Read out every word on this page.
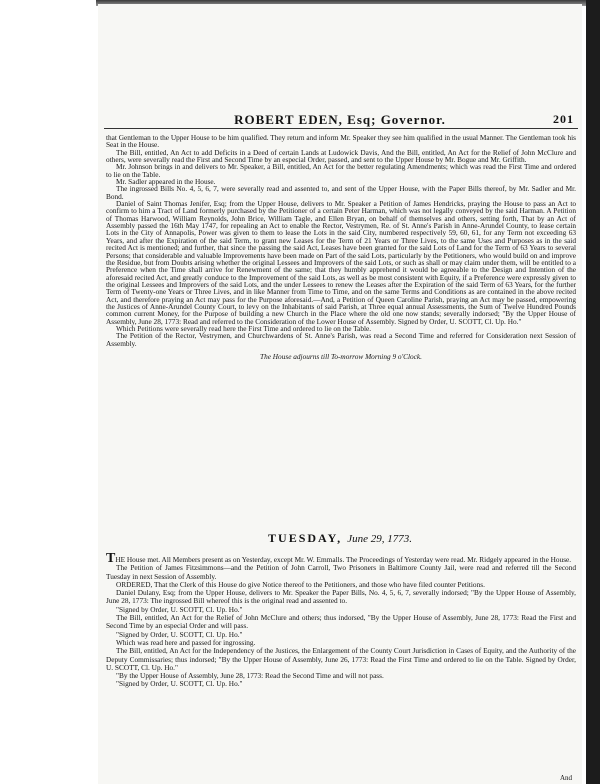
ROBERT EDEN, Esq; Governor.	201

that Gentleman to the Upper House to be him qualified. They return and inform Mr. Speaker they see him qualified in the usual Manner. The Gentleman took his Seat in the House.

The Bill, entitled, An Act to add Deficits in a Deed of certain Lands at Ludowick Davis, And the Bill, entitled, An Act for the Relief of John McClure and others, were severally read the First and Second Time by an especial Order, passed, and sent to the Upper House by Mr. Bogue and Mr. Griffith.

Mr. Johnson brings in and delivers to Mr. Speaker, a Bill, entitled, An Act for the better regulating Amendments; which was read the First Time and ordered to lie on the Table.

Mr. Sadler appeared in the House.

The ingrossed Bills No. 4, 5, 6, 7, were severally read and assented to, and sent of the Upper House, with the Paper Bills thereof, by Mr. Sadler and Mr. Bond.

Daniel of Saint Thomas Jenifer, Esq; from the Upper House, delivers to Mr. Speaker a Petition of James Hendricks, praying the House to pass an Act to confirm to him a Tract of Land formerly purchased by the Petitioner of a certain Peter Harman, which was not legally conveyed by the said Harman. A Petition of Thomas Harwood, William Reynolds, John Brice, William Tagle, and Ellen Bryan, on behalf of themselves and others, setting forth, That by an Act of Assembly passed the 16th May 1747, for repealing an Act to enable the Rector, Vestrymen, Re. of St. Anne's Parish in Anne-Arundel County, to lease certain Lots in the City of Annapolis, Power was given to them to lease the Lots in the said City, numbered respectively 59, 60, 61, for any Term not exceeding 63 Years, and after the Expiration of the said Term, to grant new Leases for the Term of 21 Years or Three Lives, to the same Uses and Purposes as in the said recited Act is mentioned; and further, that since the passing the said Act, Leases have been granted for the said Lots of Land for the Term of 63 Years to several Persons; that considerable and valuable Improvements have been made on Part of the said Lots, particularly by the Petitioners, who would build on and improve the Residue, but from Doubts arising whether the original Lessees and Improvers of the said Lots, or such as shall or may claim under them, will be entitled to a Preference when the Time shall arrive for Renewment of the same; that they humbly apprehend it would be agreeable to the Design and Intention of the aforesaid recited Act, and greatly conduce to the Improvement of the said Lots, as well as be most consistent with Equity, if a Preference were expressly given to the original Lessees and Improvers of the said Lots, and the under Lessees to renew the Leases after the Expiration of the said Term of 63 Years, for the further Term of Twenty-one Years or Three Lives, and in like Manner from Time to Time, and on the same Terms and Conditions as are contained in the above recited Act, and therefore praying an Act may pass for the Purpose aforesaid.—And, a Petition of Queen Caroline Parish, praying an Act may be passed, empowering the Justices of Anne-Arundel County Court, to levy on the Inhabitants of said Parish, at Three equal annual Assessments, the Sum of Twelve Hundred Pounds common current Money, for the Purpose of building a new Church in the Place where the old one now stands; severally indorsed; "By the Upper House of Assembly, June 28, 1773: Read and referred to the Consideration of the Lower House of Assembly. Signed by Order, U. SCOTT, Cl. Up. Ho."

Which Petitions were severally read here the First Time and ordered to lie on the Table.

The Petition of the Rector, Vestrymen, and Churchwardens of St. Anne's Parish, was read a Second Time and referred for Consideration next Session of Assembly.

The House adjourns till To-morrow Morning 9 o'Clock.

TUESDAY, June 29, 1773.

THE House met. All Members present as on Yesterday, except Mr. W. Emmalls. The Proceedings of Yesterday were read. Mr. Ridgely appeared in the House.

The Petition of James Fitzsimmons—and the Petition of John Carroll, Two Prisoners in Baltimore County Jail, were read and referred till the Second Tuesday in next Session of Assembly.

ORDERED, That the Clerk of this House do give Notice thereof to the Petitioners, and those who have filed counter Petitions.

Daniel Dulany, Esq; from the Upper House, delivers to Mr. Speaker the Paper Bills, No. 4, 5, 6, 7, severally indorsed; "By the Upper House of Assembly, June 28, 1773: The ingrossed Bill whereof this is the original read and assented to.

"Signed by Order, U. SCOTT, Cl. Up. Ho."

The Bill, entitled, An Act for the Relief of John McClure and others; thus indorsed, "By the Upper House of Assembly, June 28, 1773: Read the First and Second Time by an especial Order and will pass.

"Signed by Order, U. SCOTT, Cl. Up. Ho."

Which was read here and passed for ingrossing.

The Bill, entitled, An Act for the Independency of the Justices, the Enlargement of the County Court Jurisdiction in Cases of Equity, and the Authority of the Deputy Commissaries; thus indorsed; "By the Upper House of Assembly, June 26, 1773: Read the First Time and ordered to lie on the Table. Signed by Order, U. SCOTT, Cl. Up. Ho."

"By the Upper House of Assembly, June 28, 1773: Read the Second Time and will not pass.

"Signed by Order, U. SCOTT, Cl. Up. Ho."

And
